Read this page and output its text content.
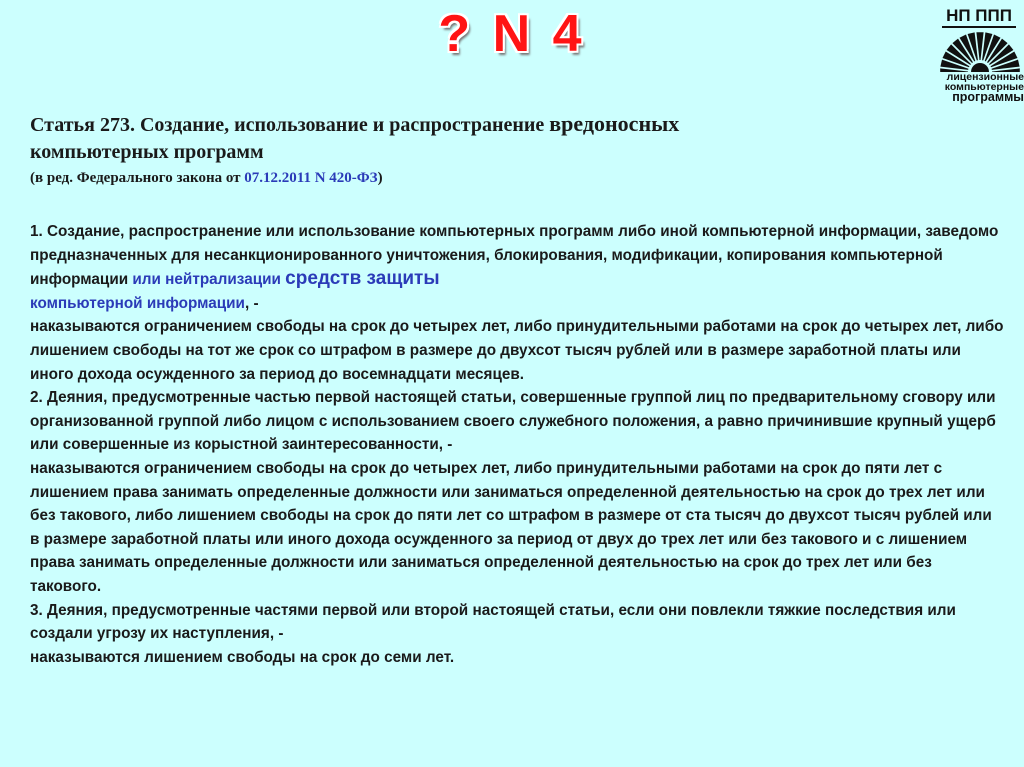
? N 4	НП ППП
лицензионные
компьютерные
программы
Статья 273. Создание, использование и распространение вредоносных
компьютерных программ
(в ред. Федерального закона от 07.12.2011 N 420-ФЗ)

1. Создание, распространение или использование компьютерных программ либо иной компьютерной информации, заведомо предназначенных для несанкционированного уничтожения, блокирования, модификации, копирования компьютерной информации или нейтрализации средств защиты
компьютерной информации, -

наказываются ограничением свободы на срок до четырех лет, либо принудительными работами на срок до четырех лет, либо лишением свободы на тот же срок со штрафом в размере до двухсот тысяч рублей или в размере заработной платы или иного дохода осужденного за период до восемнадцати месяцев.

2. Деяния, предусмотренные частью первой настоящей статьи, совершенные группой лиц по предварительному сговору или организованной группой либо лицом с использованием своего служебного положения, а равно причинившие крупный ущерб или совершенные из корыстной заинтересованности, -

наказываются ограничением свободы на срок до четырех лет, либо принудительными работами на срок до пяти лет с лишением права занимать определенные должности или заниматься определенной деятельностью на срок до трех лет или без такового, либо лишением свободы на срок до пяти лет со штрафом в размере от ста тысяч до двухсот тысяч рублей или в размере заработной платы или иного дохода осужденного за период от двух до трех лет или без такового и с лишением права занимать определенные должности или заниматься определенной деятельностью на срок до трех лет или без такового.

3. Деяния, предусмотренные частями первой или второй настоящей статьи, если они повлекли тяжкие последствия или создали угрозу их наступления, -

наказываются лишением свободы на срок до семи лет.
